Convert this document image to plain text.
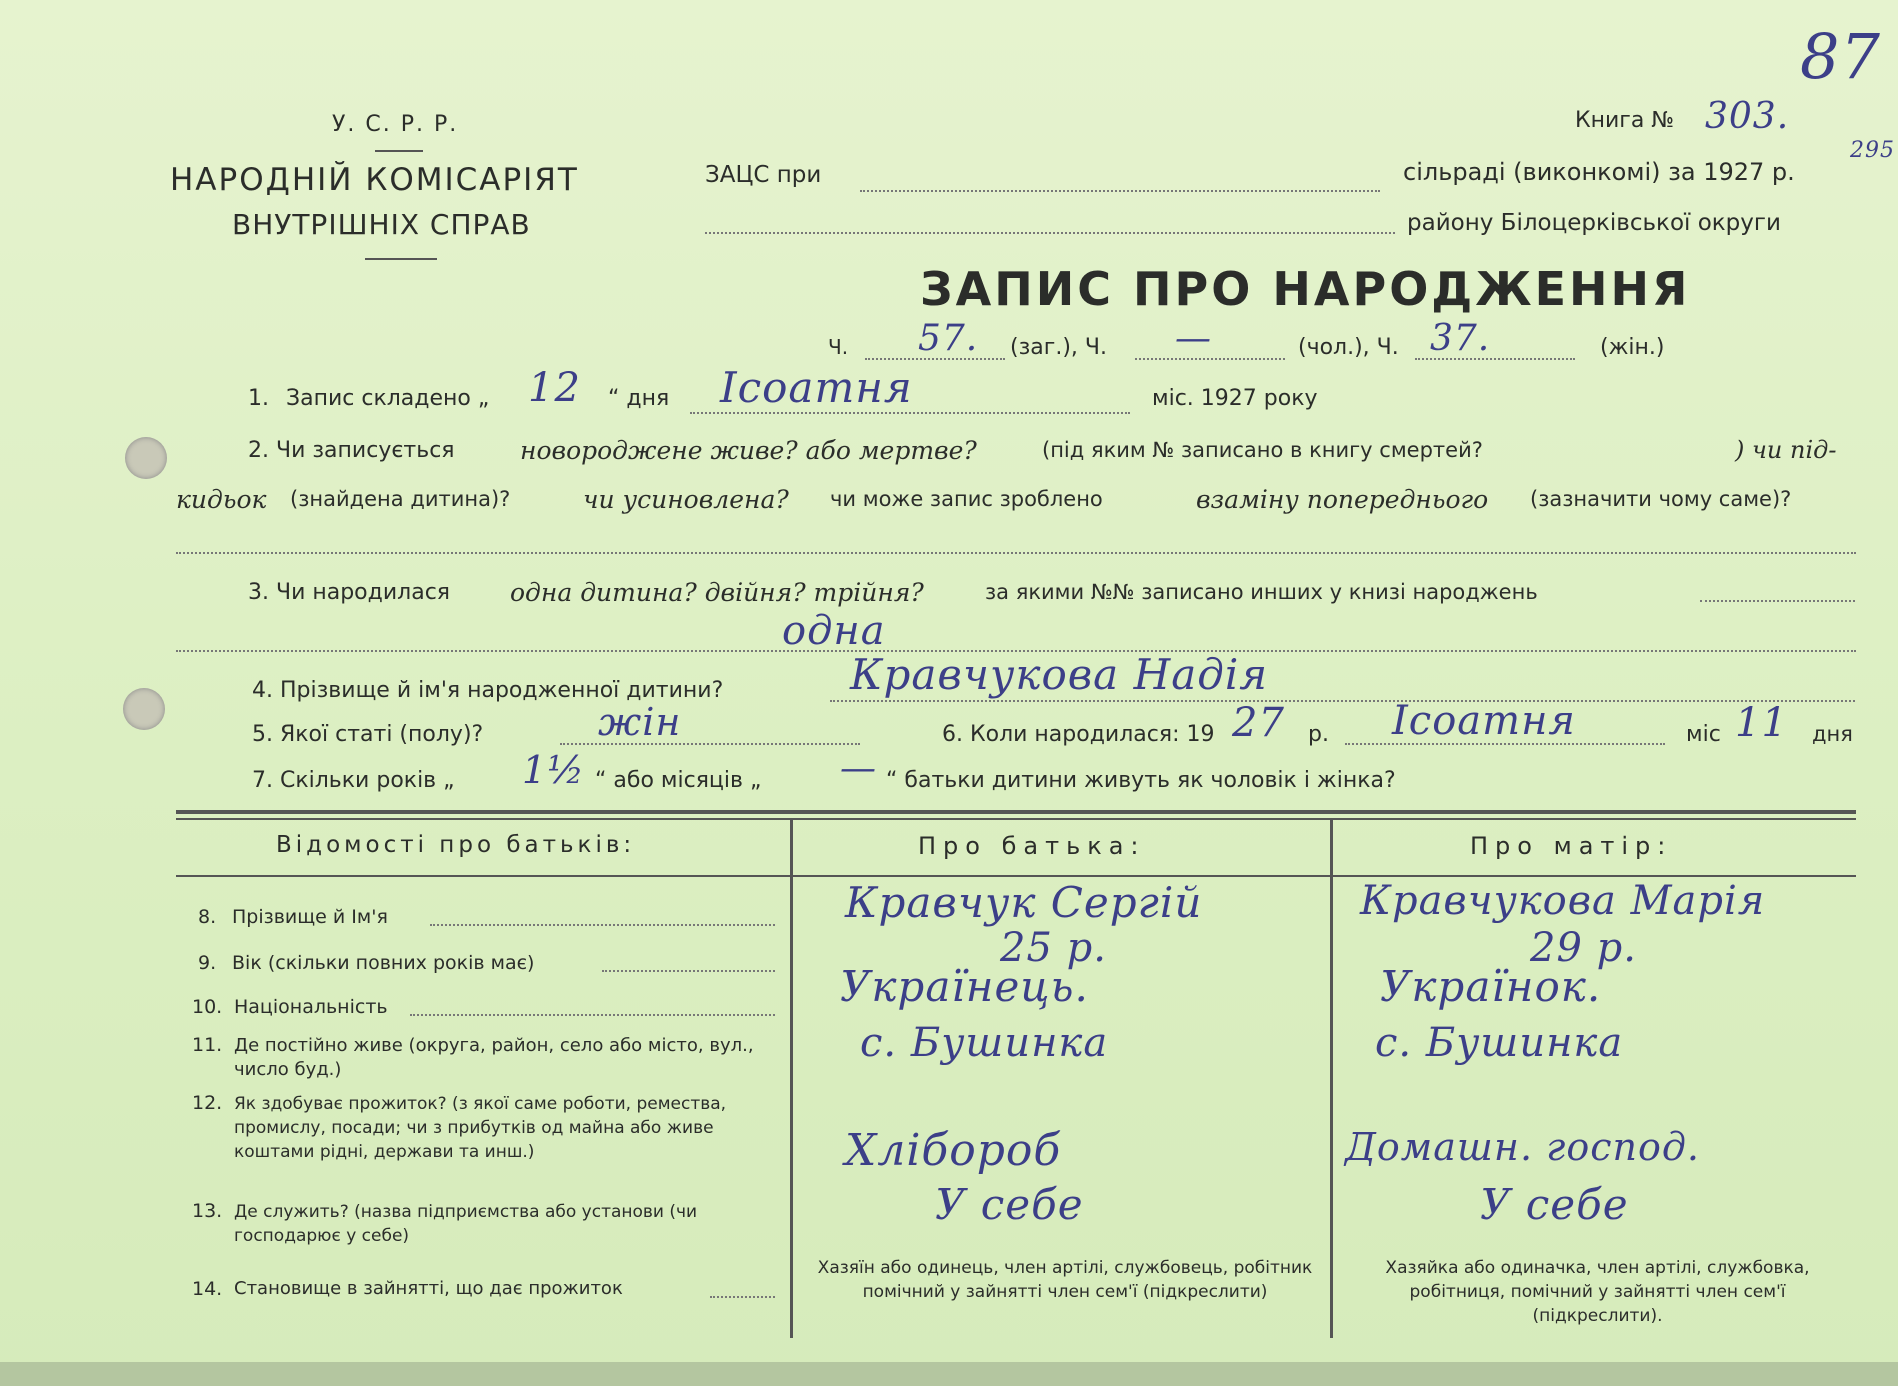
У. С. Р. Р.
НАРОДНІЙ КОМІСАРІЯТ
ВНУТРІШНІХ СПРАВ
ЗАЦС при
Книга № 303.
87
295
сільраді (виконкомі) за 1927 р.
району Білоцерківської округи
ЗАПИС ПРО НАРОДЖЕННЯ
Ч. 57. (заг.), Ч. —	(чол.), Ч. 37.	(жін.)
1. Запис складено „ 12 “ дня Ісоатня	міс. 1927 року
2. Чи записується	новороджене живе? або мертве?	(під яким № записано в книгу смертей?	) чи під-
кидьок (знайдена дитина)?	чи усиновлена? чи може запис зроблено	взаміну попереднього (зазначити чому саме)?
3. Чи народилася одна дитина? двійня? трійня?	за якими №№ записано инших у книзі народжень
одна
4. Прізвище й ім'я народженної дитини?	Кравчукова Надія
5. Якої статі (полу)?	жін	6. Коли народилася: 19 27 р. Ісоатня	міс 11 дня
7. Скільки років „ 1½ “ або місяців „ — “ батьки дитини живуть як чоловік і жінка?
Відомості про батьків:	Про батька:	Про матір:
8. Прізвище й Ім'я	Кравчук Сергій	Кравчукова Марія
9. Вік (скільки повних років має)	25 р.	29 р.
10. Національність	Українець.	Українок.
11. Де постійно живе (округа, район, село або місто, вул., число буд.)
с. Бушинка	с. Бушинка
12. Як здобуває прожиток? (з якої саме роботи, ремества, промислу, посади; чи з прибутків од майна або живе коштами рідні, держави та инш.)	Хлібороб	Домашн. господ.
13. Де служить? (назва підприємства або установи (чи господарює у себе)
У себе	У себе
14. Становище в зайнятті, що дає прожиток
Хазяїн або одинець, член артілі, службовець, робітник помічний у зайнятті член сем'ї (підкреслити)
Хазяйка або одиначка, член артілі, службовка, робітниця, помічний у зайнятті член сем'ї (підкреслити).
